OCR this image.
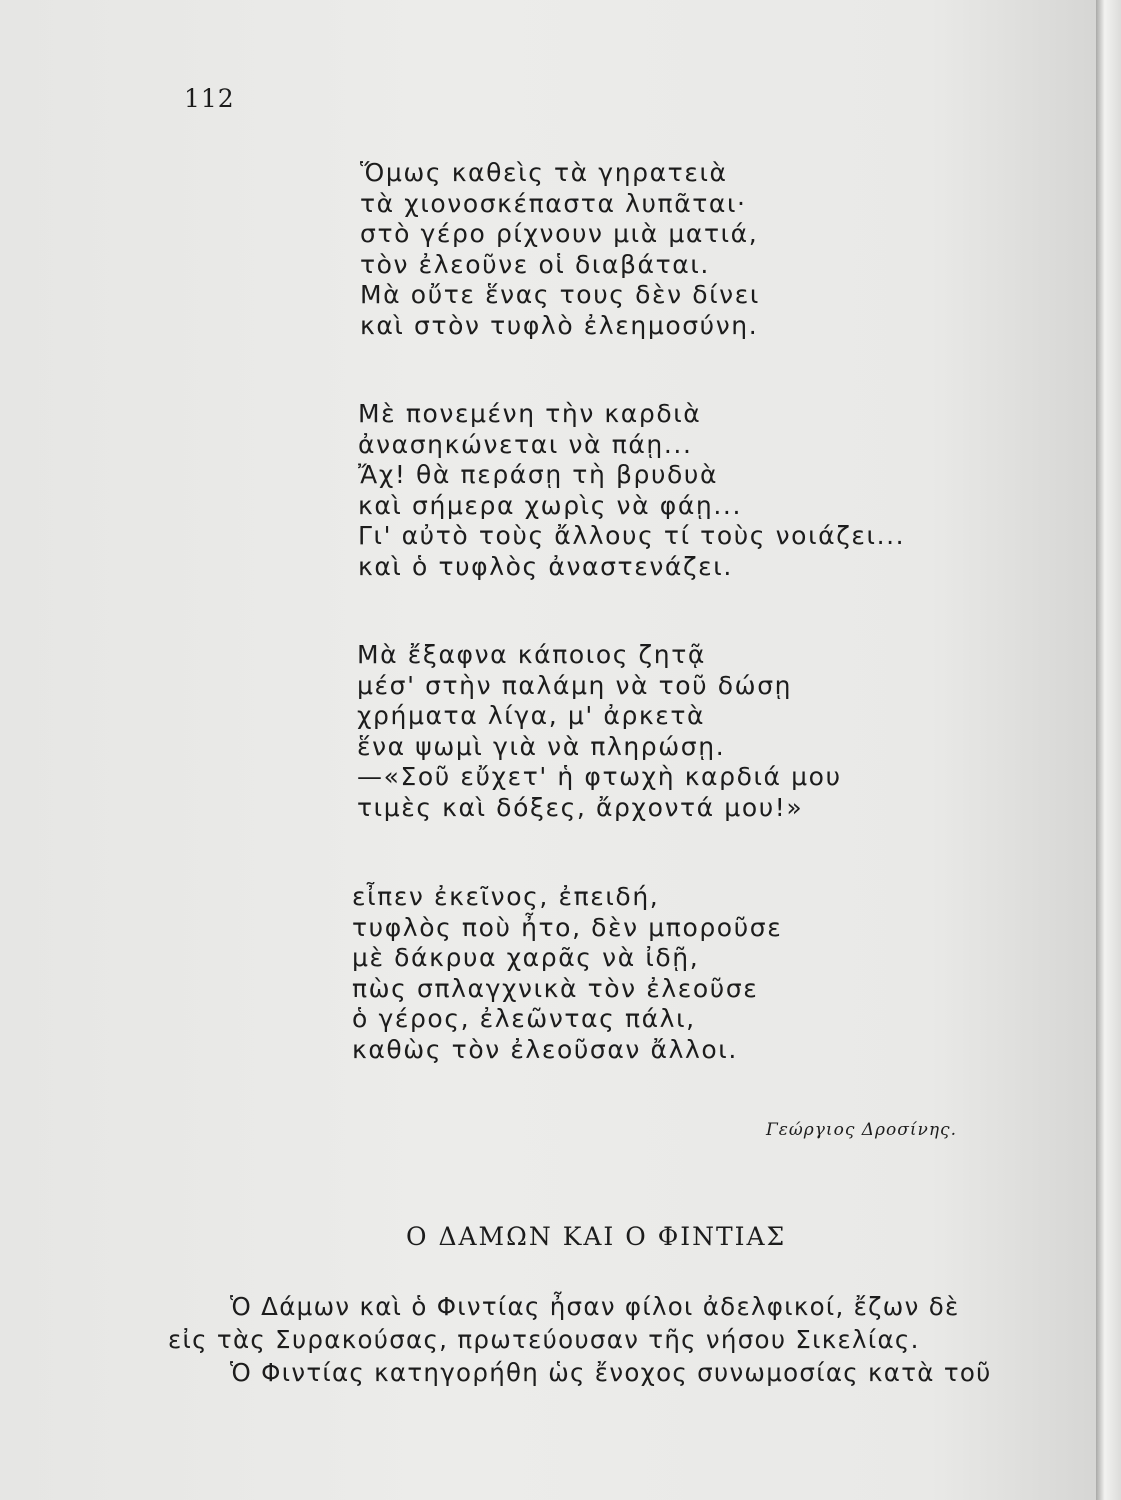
112
Ὅμως καθεὶς τὰ γηρατειὰ
τὰ χιονοσκέπαστα λυπᾶται·
στὸ γέρο ρίχνουν μιὰ ματιά,
τὸν ἐλεοῦνε οἱ διαβάται.
Μὰ οὔτε ἕνας τους δὲν δίνει
καὶ στὸν τυφλὸ ἐλεημοσύνη.
Μὲ πονεμένη τὴν καρδιὰ
ἀνασηκώνεται νὰ πάῃ...
Ἄχ! θὰ περάσῃ τὴ βρυδυὰ
καὶ σήμερα χωρὶς νὰ φάῃ...
Γι' αὐτὸ τοὺς ἄλλους τί τοὺς νοιάζει...
καὶ ὁ τυφλὸς ἀναστενάζει.
Μὰ ἔξαφνα κάποιος ζητᾷ
μέσ' στὴν παλάμη νὰ τοῦ δώσῃ
χρήματα λίγα, μ' ἀρκετὰ
ἕνα ψωμὶ γιὰ νὰ πληρώσῃ.
—«Σοῦ εὔχετ' ἡ φτωχὴ καρδιά μου
τιμὲς καὶ δόξες, ἄρχοντά μου!»
εἶπεν ἐκεῖνος, ἐπειδή,
τυφλὸς ποὺ ἦτο, δὲν μποροῦσε
μὲ δάκρυα χαρᾶς νὰ ἰδῇ,
πὼς σπλαγχνικὰ τὸν ἐλεοῦσε
ὁ γέρος, ἐλεῶντας πάλι,
καθὼς τὸν ἐλεοῦσαν ἄλλοι.
Γεώργιος Δροσίνης.
Ο ΔΑΜΩΝ ΚΑΙ Ο ΦΙΝΤΙΑΣ
Ὁ Δάμων καὶ ὁ Φιντίας ἦσαν φίλοι ἀδελφικοί, ἔζων δὲ
εἰς τὰς Συρακούσας, πρωτεύουσαν τῆς νήσου Σικελίας.
Ὁ Φιντίας κατηγορήθη ὡς ἔνοχος συνωμοσίας κατὰ τοῦ
